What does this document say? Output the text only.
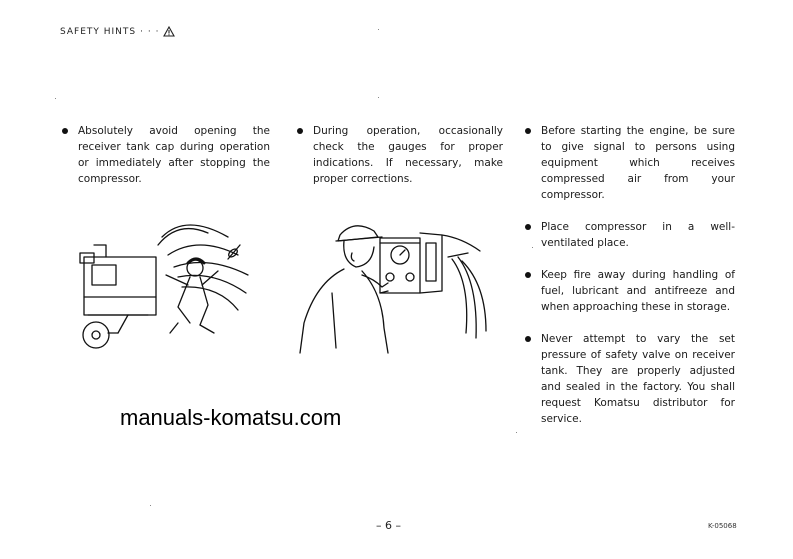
SAFETY HINTS · · ·

Absolutely avoid opening the receiver tank cap during operation or immediately after stopping the compressor.

During operation, occasionally check the gauges for proper indications. If necessary, make proper corrections.

Before starting the engine, be sure to give signal to persons using equipment which receives compressed air from your compressor.

Place compressor in a well-ventilated place.

Keep fire away during handling of fuel, lubricant and antifreeze and when approaching these in storage.

Never attempt to vary the set pressure of safety valve on receiver tank. They are properly adjusted and sealed in the factory. You shall request Komatsu distributor for service.

manuals-komatsu.com
– 6 –	K-05068
